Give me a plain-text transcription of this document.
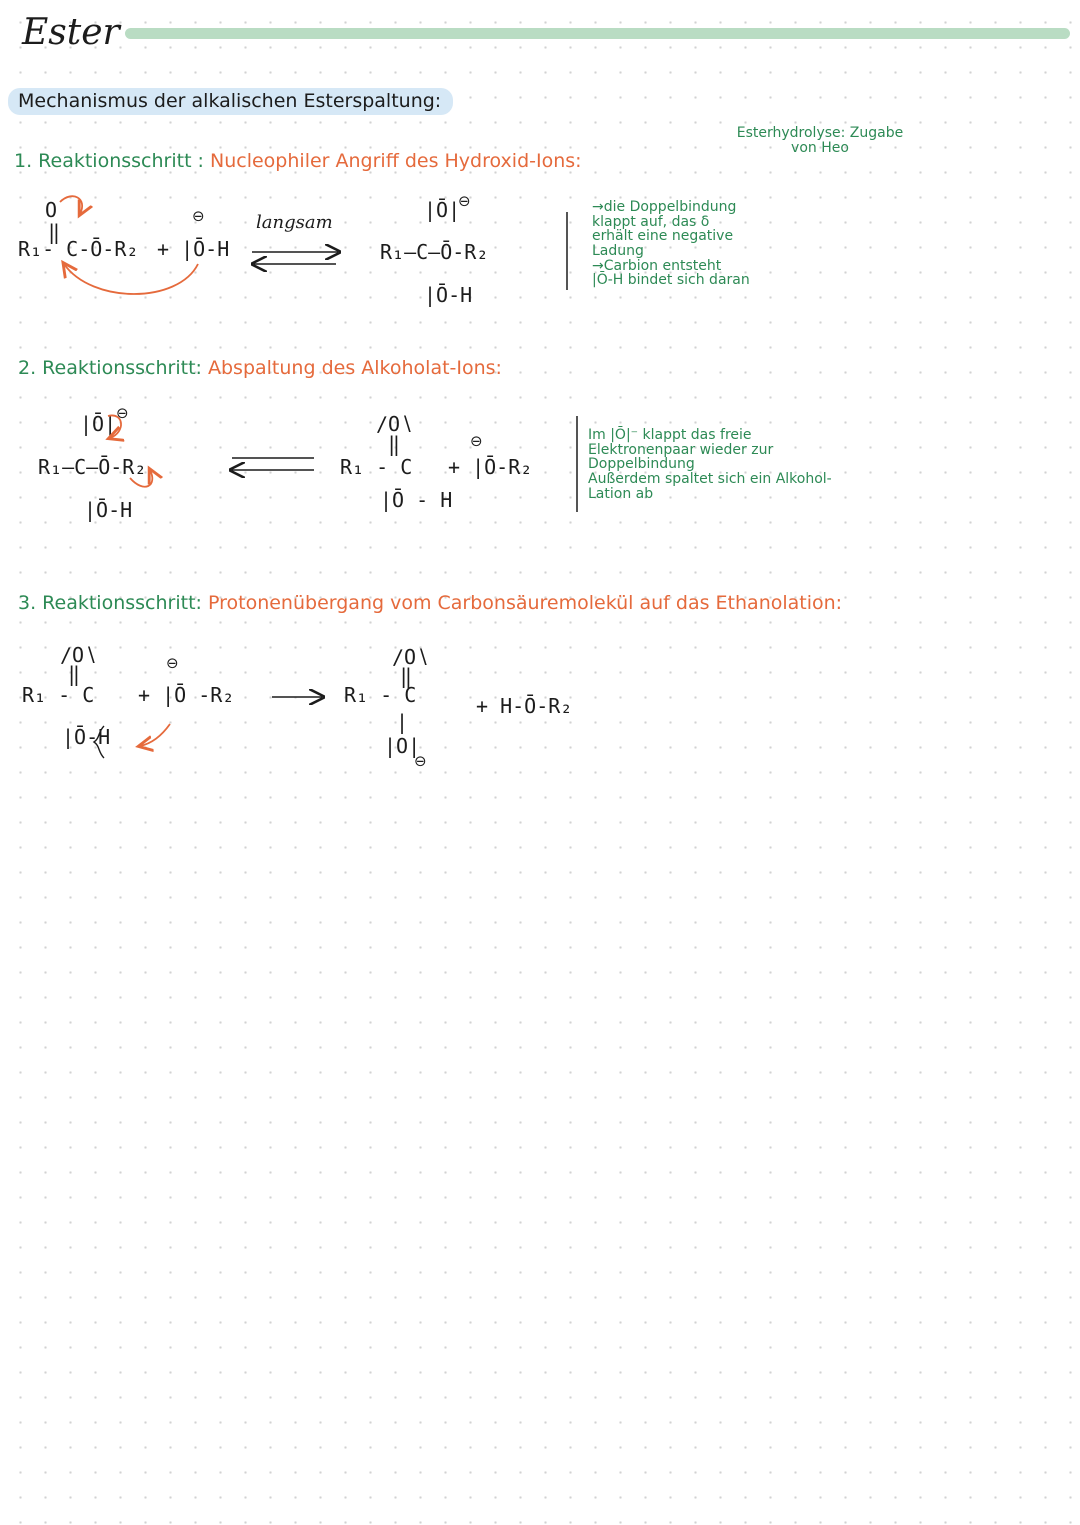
Ester
Mechanismus der alkalischen Esterspaltung:
Esterhydrolyse: Zugabe
von Heo
1. Reaktionsschritt : Nucleophiler Angriff des Hydroxid-Ions:
O
‖
R₁- C-Ō-R₂ + |Ō-H
⊖	langsam
|Ō|
⊖
R₁—C—Ō-R₂
|Ō-H
→die Doppelbindung
klappt auf, das δ
erhält eine negative
Ladung
→Carbion entsteht
|Ō-H bindet sich daran
2. Reaktionsschritt: Abspaltung des Alkoholat-Ions:
|Ō| ⊖
R₁—C—Ō-R₂
|Ō-H
∕O∖
‖
R₁ - C
|Ō - H
+ |Ō-R₂
⊖	Im |Ō|⁻ klappt das freie
Elektronenpaar wieder zur
Doppelbindung
Außerdem spaltet sich ein Alkohol-
Lation ab
3. Reaktionsschritt: Protonenübergang vom Carbonsäuremolekül auf das Ethanolation:
∕O∖
‖
R₁ - C
|Ō-H
+ |Ō -R₂
⊖	∕O∖
‖
R₁ - C
|
|O|
⊖
+ H-Ō-R₂
